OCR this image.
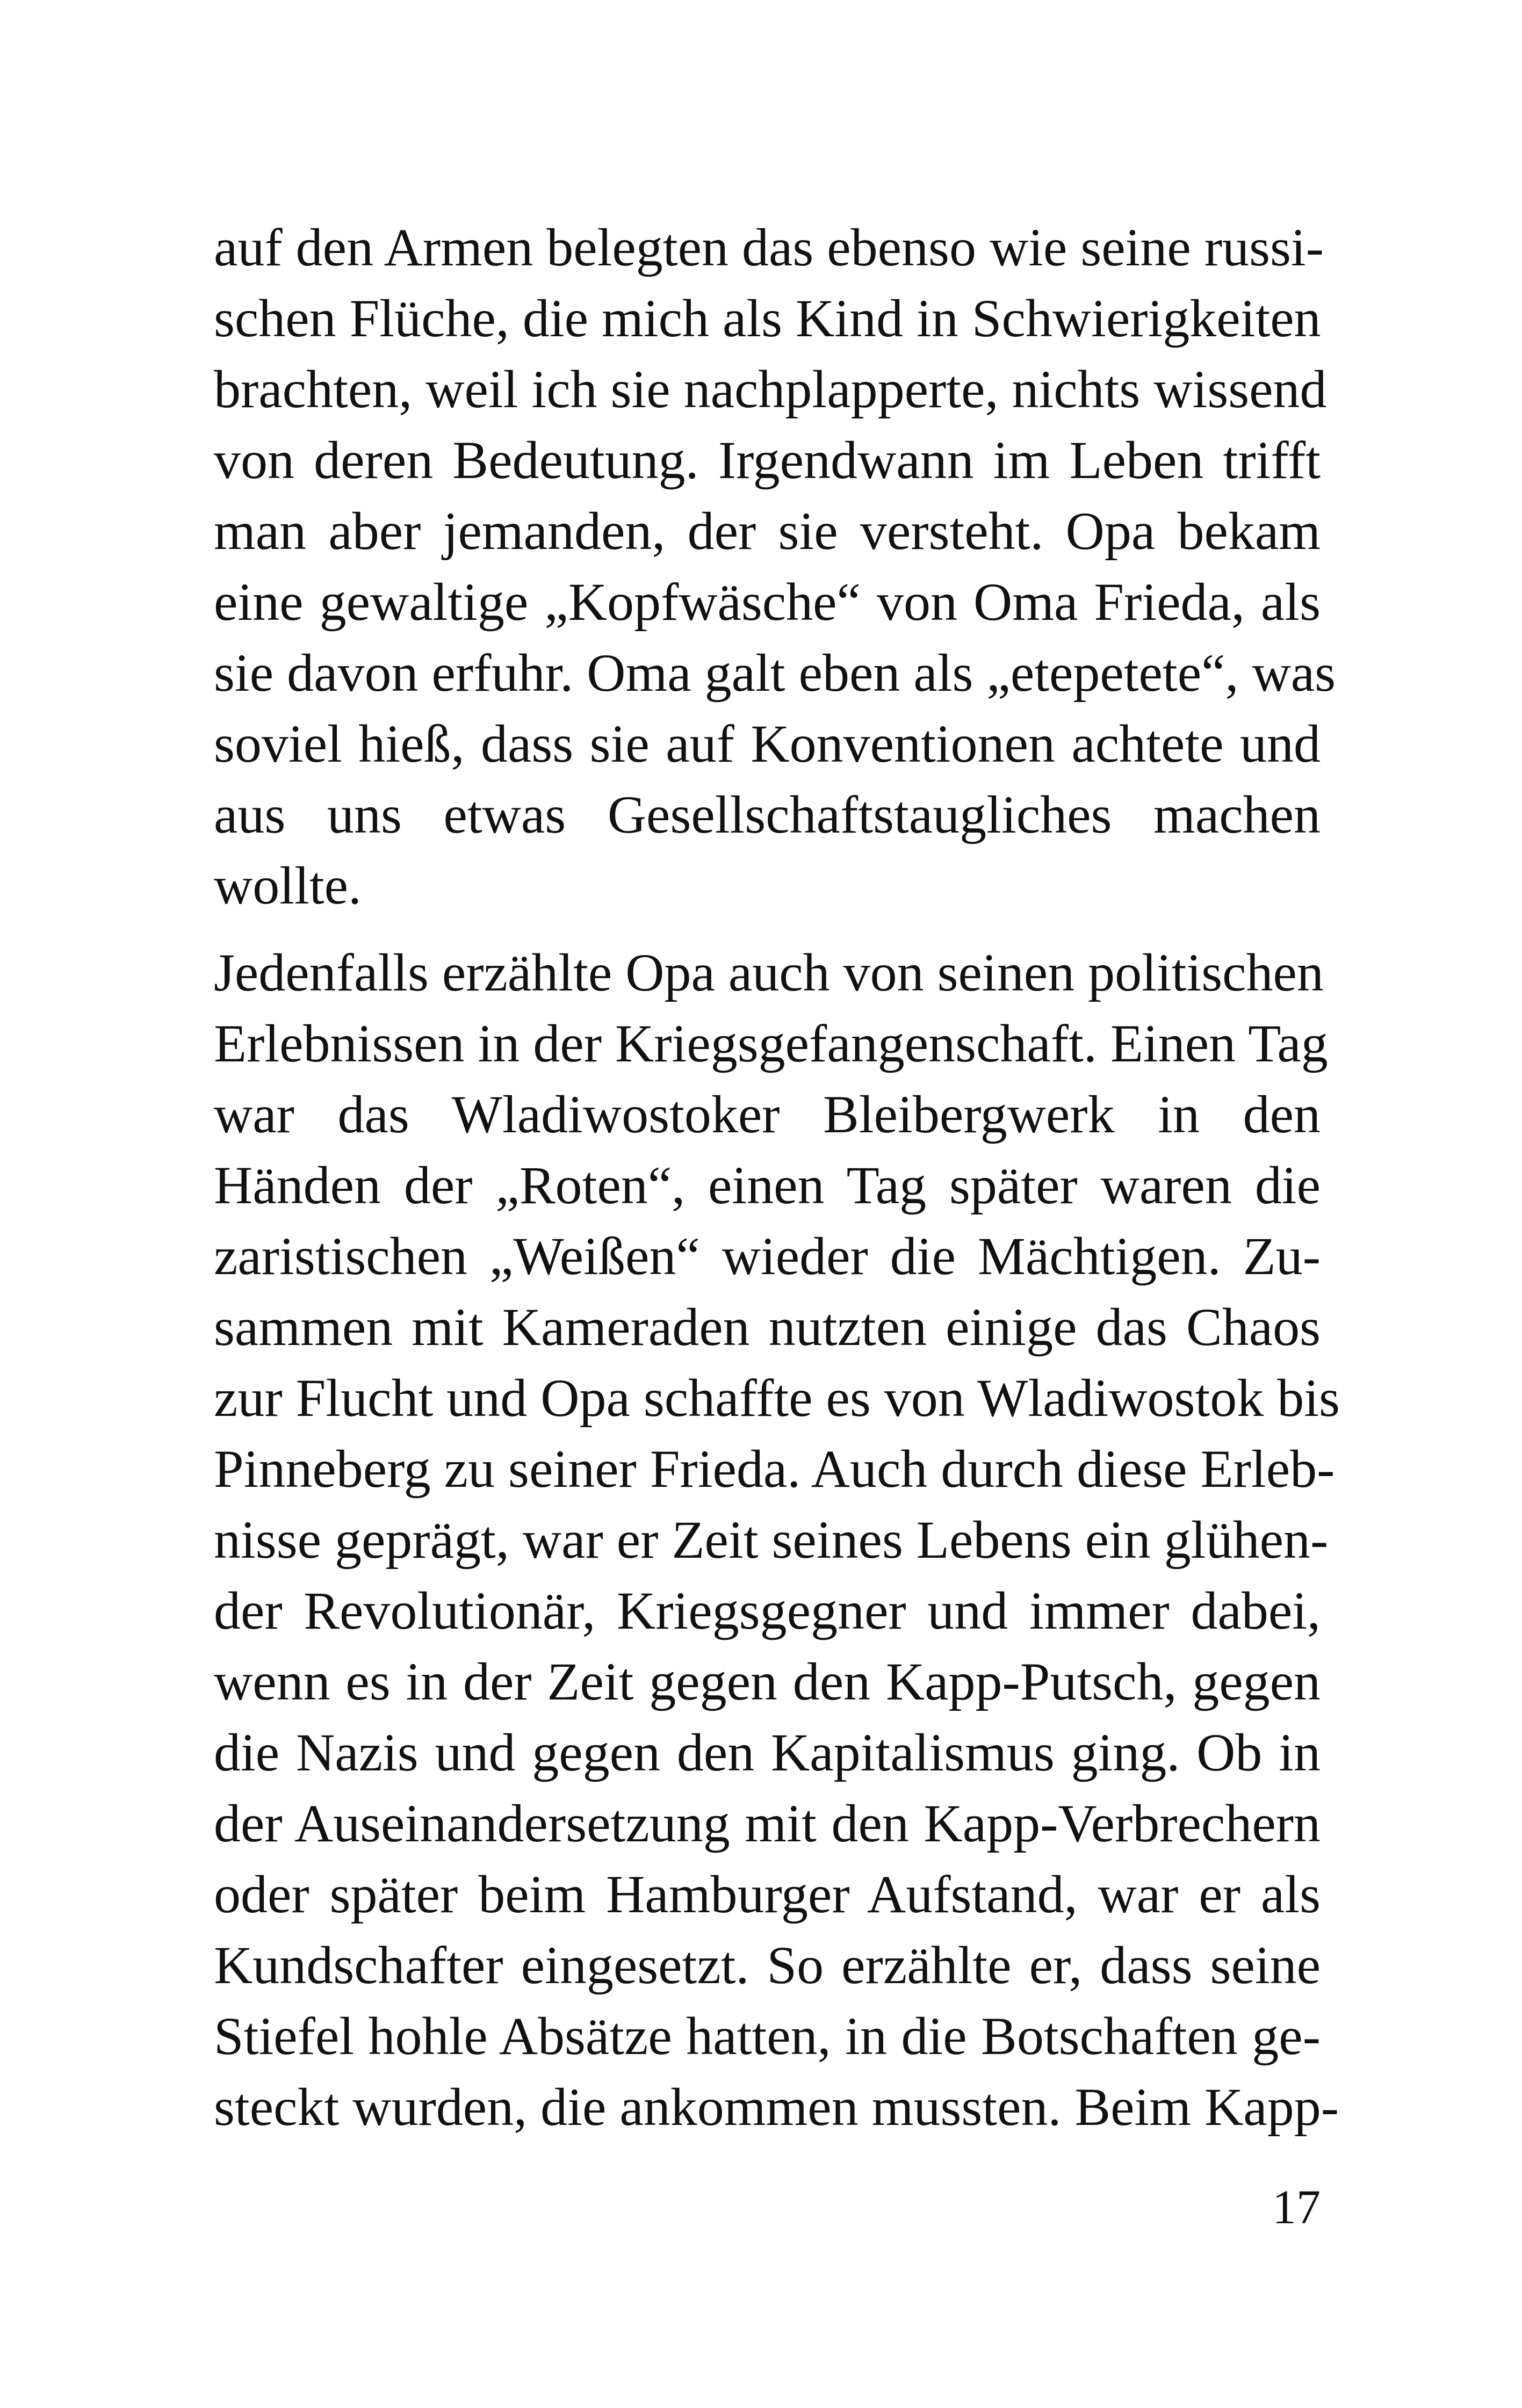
auf den Armen belegten das ebenso wie seine russi-
schen Flüche, die mich als Kind in Schwierigkeiten
brachten, weil ich sie nachplapperte, nichts wissend
von deren Bedeutung. Irgendwann im Leben trifft
man aber jemanden, der sie versteht. Opa bekam
eine gewaltige „Kopfwäsche“ von Oma Frieda, als
sie davon erfuhr. Oma galt eben als „etepetete“, was
soviel hieß, dass sie auf Konventionen achtete und
aus uns etwas Gesellschaftstaugliches machen
wollte.
Jedenfalls erzählte Opa auch von seinen politischen
Erlebnissen in der Kriegsgefangenschaft. Einen Tag
war das Wladiwostoker Bleibergwerk in den
Händen der „Roten“, einen Tag später waren die
zaristischen „Weißen“ wieder die Mächtigen. Zu-
sammen mit Kameraden nutzten einige das Chaos
zur Flucht und Opa schaffte es von Wladiwostok bis
Pinneberg zu seiner Frieda. Auch durch diese Erleb-
nisse geprägt, war er Zeit seines Lebens ein glühen-
der Revolutionär, Kriegsgegner und immer dabei,
wenn es in der Zeit gegen den Kapp-Putsch, gegen
die Nazis und gegen den Kapitalismus ging. Ob in
der Auseinandersetzung mit den Kapp-Verbrechern
oder später beim Hamburger Aufstand, war er als
Kundschafter eingesetzt. So erzählte er, dass seine
Stiefel hohle Absätze hatten, in die Botschaften ge-
steckt wurden, die ankommen mussten. Beim Kapp-
17
